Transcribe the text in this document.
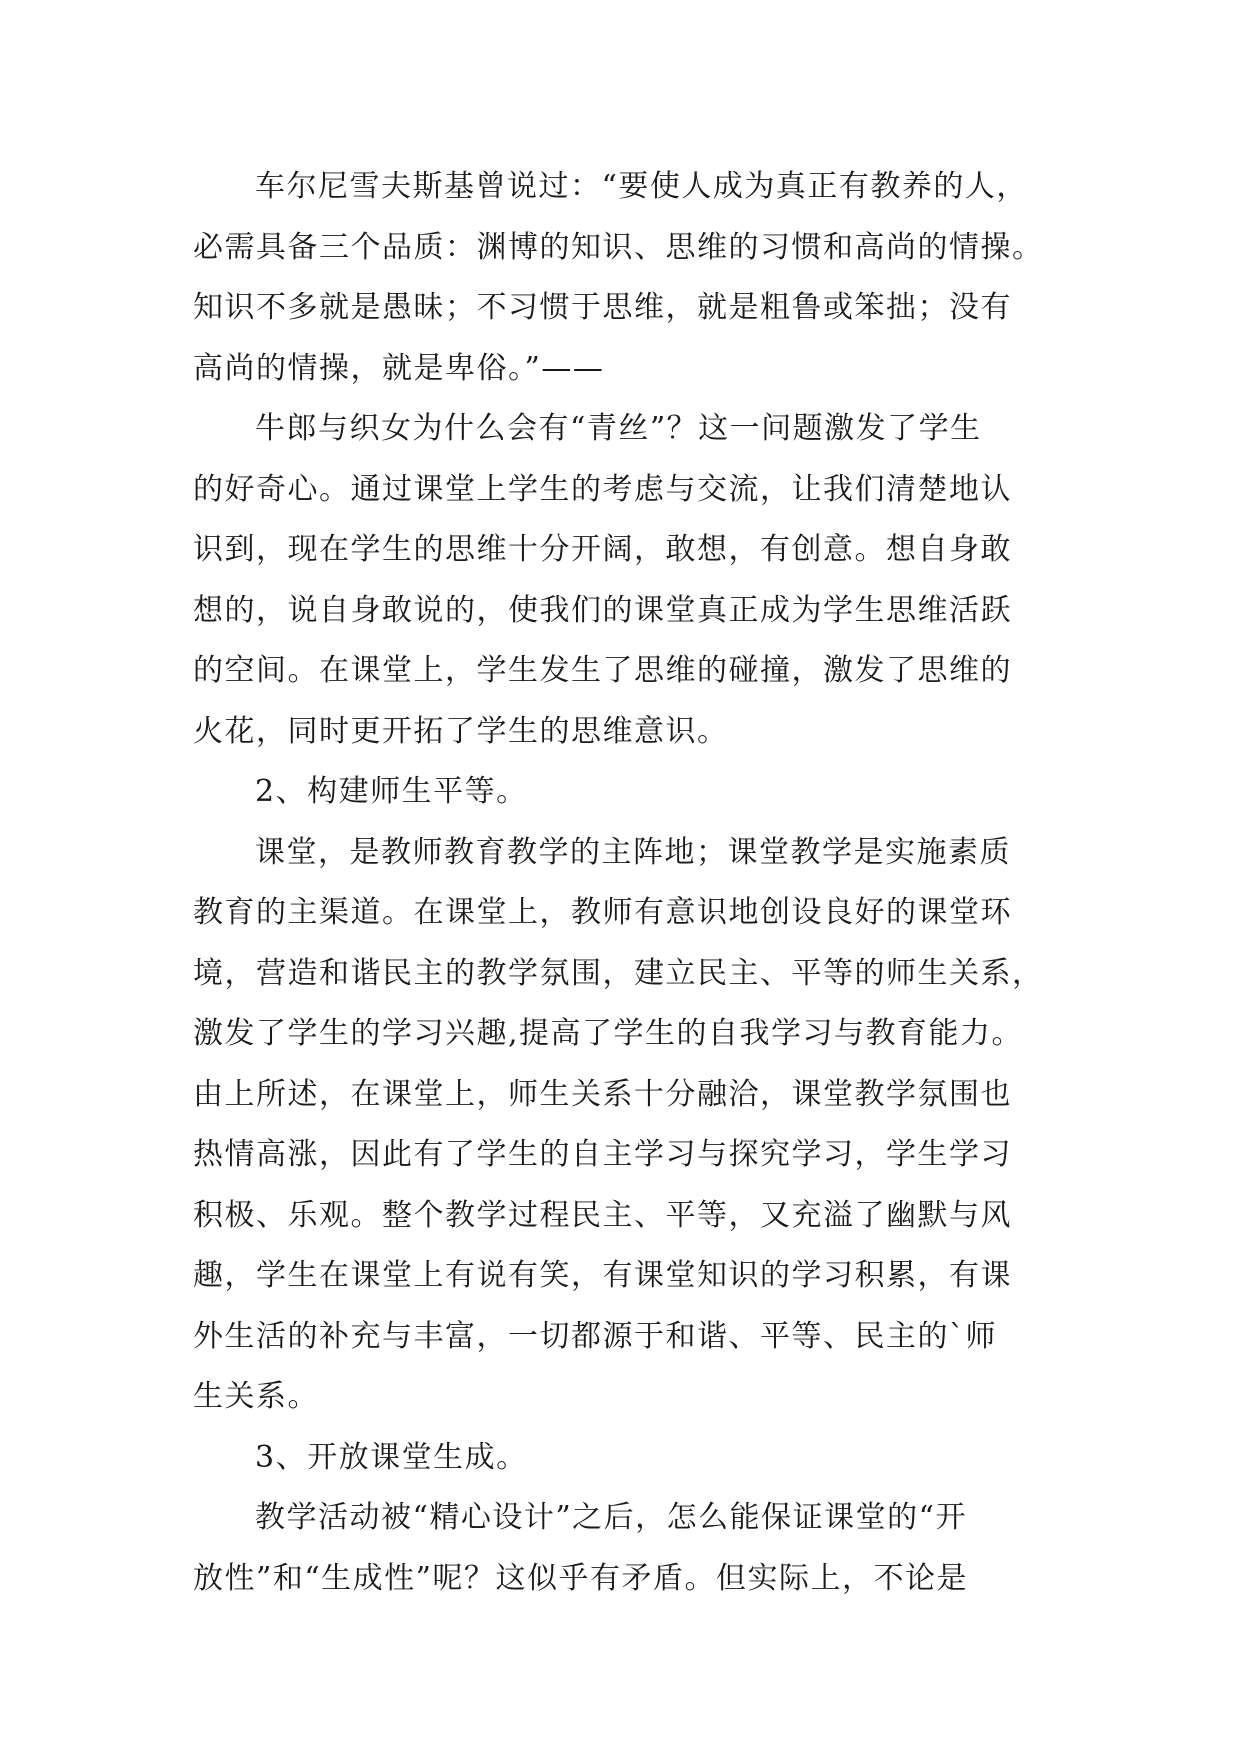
车尔尼雪夫斯基曾说过：“要使人成为真正有教养的人，
必需具备三个品质：渊博的知识、思维的习惯和高尚的情操。
知识不多就是愚昧；不习惯于思维，就是粗鲁或笨拙；没有
高尚的情操，就是卑俗。”——
牛郎与织女为什么会有“青丝”？这一问题激发了学生
的好奇心。通过课堂上学生的考虑与交流，让我们清楚地认
识到，现在学生的思维十分开阔，敢想，有创意。想自身敢
想的，说自身敢说的，使我们的课堂真正成为学生思维活跃
的空间。在课堂上，学生发生了思维的碰撞，激发了思维的
火花，同时更开拓了学生的思维意识。
2、构建师生平等。
课堂，是教师教育教学的主阵地；课堂教学是实施素质
教育的主渠道。在课堂上，教师有意识地创设良好的课堂环
境，营造和谐民主的教学氛围，建立民主、平等的师生关系，
激发了学生的学习兴趣,提高了学生的自我学习与教育能力。
由上所述，在课堂上，师生关系十分融洽，课堂教学氛围也
热情高涨，因此有了学生的自主学习与探究学习，学生学习
积极、乐观。整个教学过程民主、平等，又充溢了幽默与风
趣，学生在课堂上有说有笑，有课堂知识的学习积累，有课
外生活的补充与丰富，一切都源于和谐、平等、民主的`师
生关系。
3、开放课堂生成。
教学活动被“精心设计”之后，怎么能保证课堂的“开
放性”和“生成性”呢？这似乎有矛盾。但实际上，不论是
